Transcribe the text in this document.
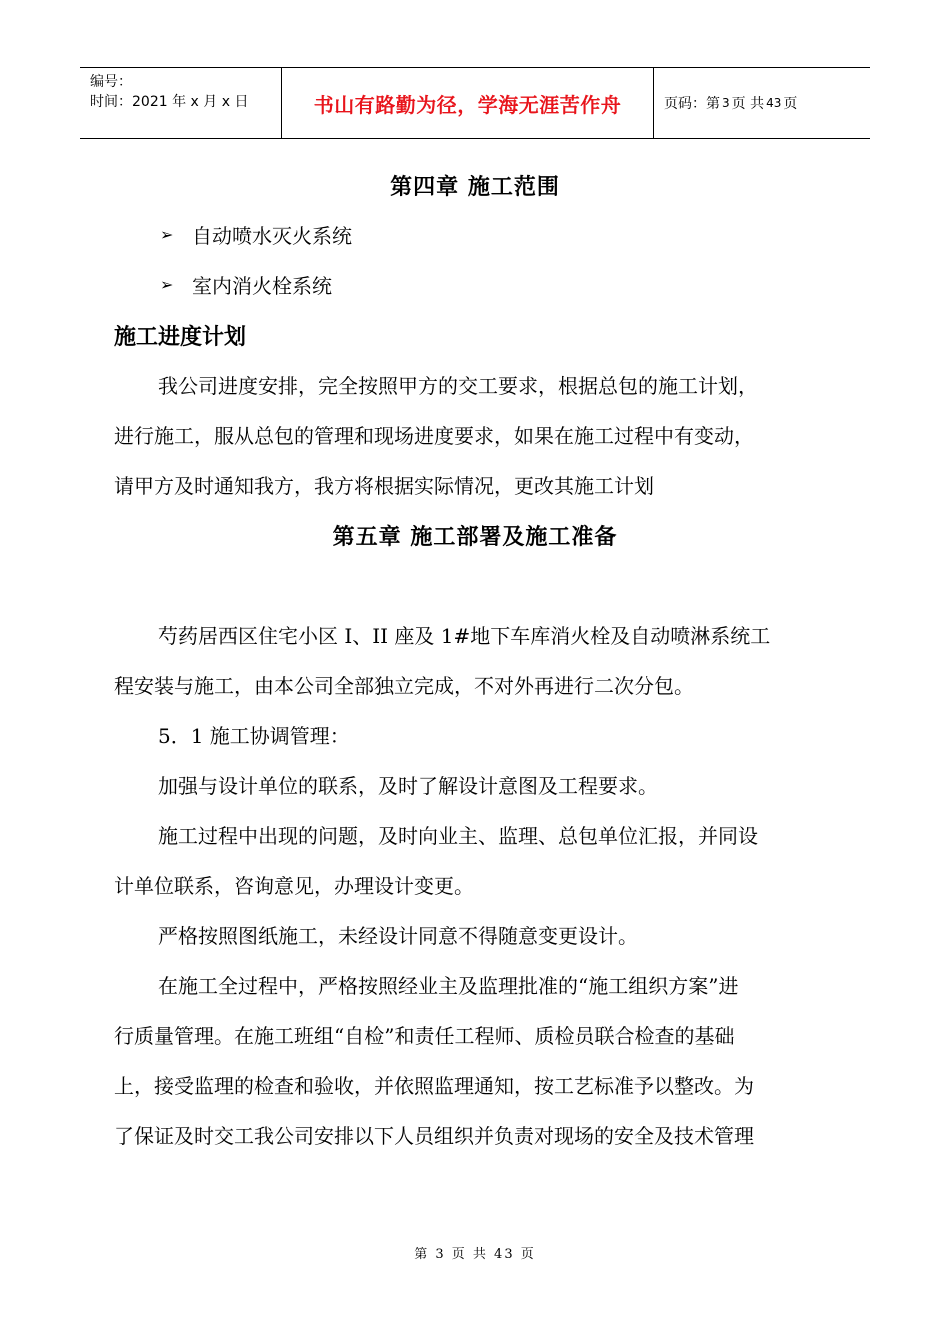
编号：
时间：2021 年 x 月 x 日	书山有路勤为径，学海无涯苦作舟	页码：第 3 页 共 43 页
第四章 施工范围
➢ 自动喷水灭火系统
➢ 室内消火栓系统
施工进度计划
我公司进度安排，完全按照甲方的交工要求，根据总包的施工计划，
进行施工，服从总包的管理和现场进度要求，如果在施工过程中有变动，
请甲方及时通知我方，我方将根据实际情况，更改其施工计划
第五章 施工部署及施工准备
芍药居西区住宅小区 I、II 座及 1#地下车库消火栓及自动喷淋系统工
程安装与施工，由本公司全部独立完成，不对外再进行二次分包。
5．1 施工协调管理：
加强与设计单位的联系，及时了解设计意图及工程要求。
施工过程中出现的问题，及时向业主、监理、总包单位汇报，并同设
计单位联系，咨询意见，办理设计变更。
严格按照图纸施工，未经设计同意不得随意变更设计。
在施工全过程中，严格按照经业主及监理批准的“施工组织方案”进
行质量管理。在施工班组“自检”和责任工程师、质检员联合检查的基础
上，接受监理的检查和验收，并依照监理通知，按工艺标准予以整改。为
了保证及时交工我公司安排以下人员组织并负责对现场的安全及技术管理
第 3 页 共 43 页
